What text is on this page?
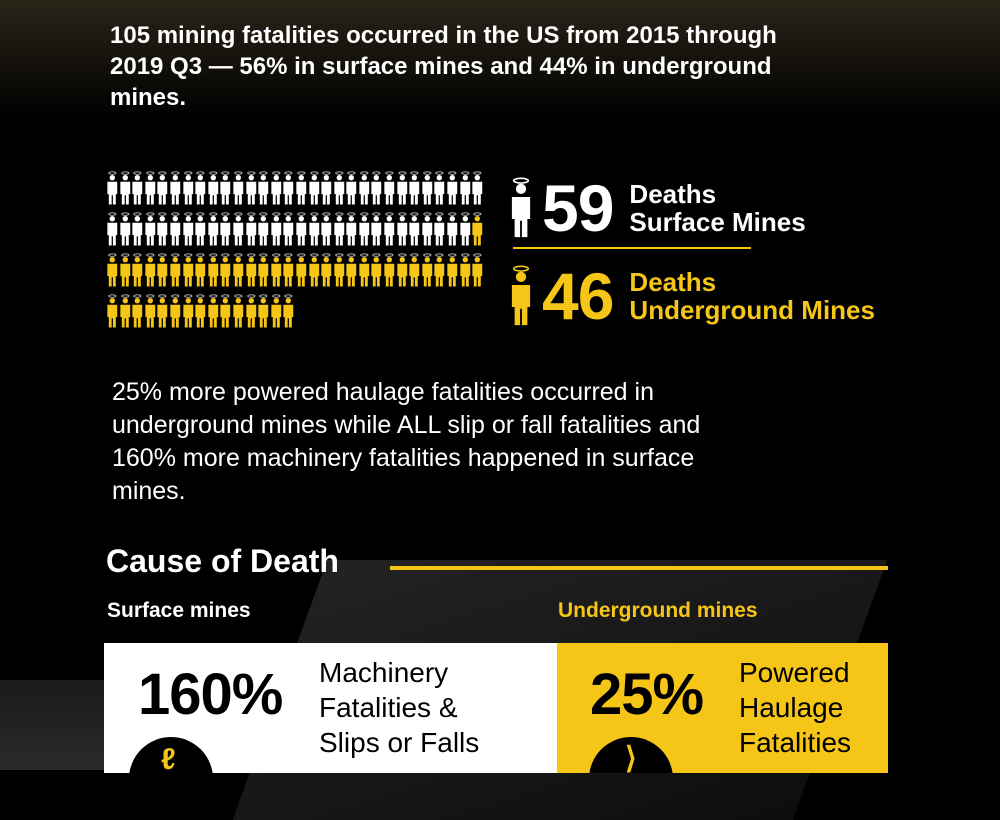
105 mining fatalities occurred in the US from 2015 through 2019 Q3 — 56% in surface mines and 44% in underground mines.
59 Deaths
Surface Mines
46 Deaths
Underground Mines
25% more powered haulage fatalities occurred in underground mines while ALL slip or fall fatalities and 160% more machinery fatalities happened in surface mines.
Cause of Death
Surface mines	Underground mines
160% Machinery
Fatalities &
Slips or Falls
ℓ
25% Powered
Haulage
Fatalities
⟩
